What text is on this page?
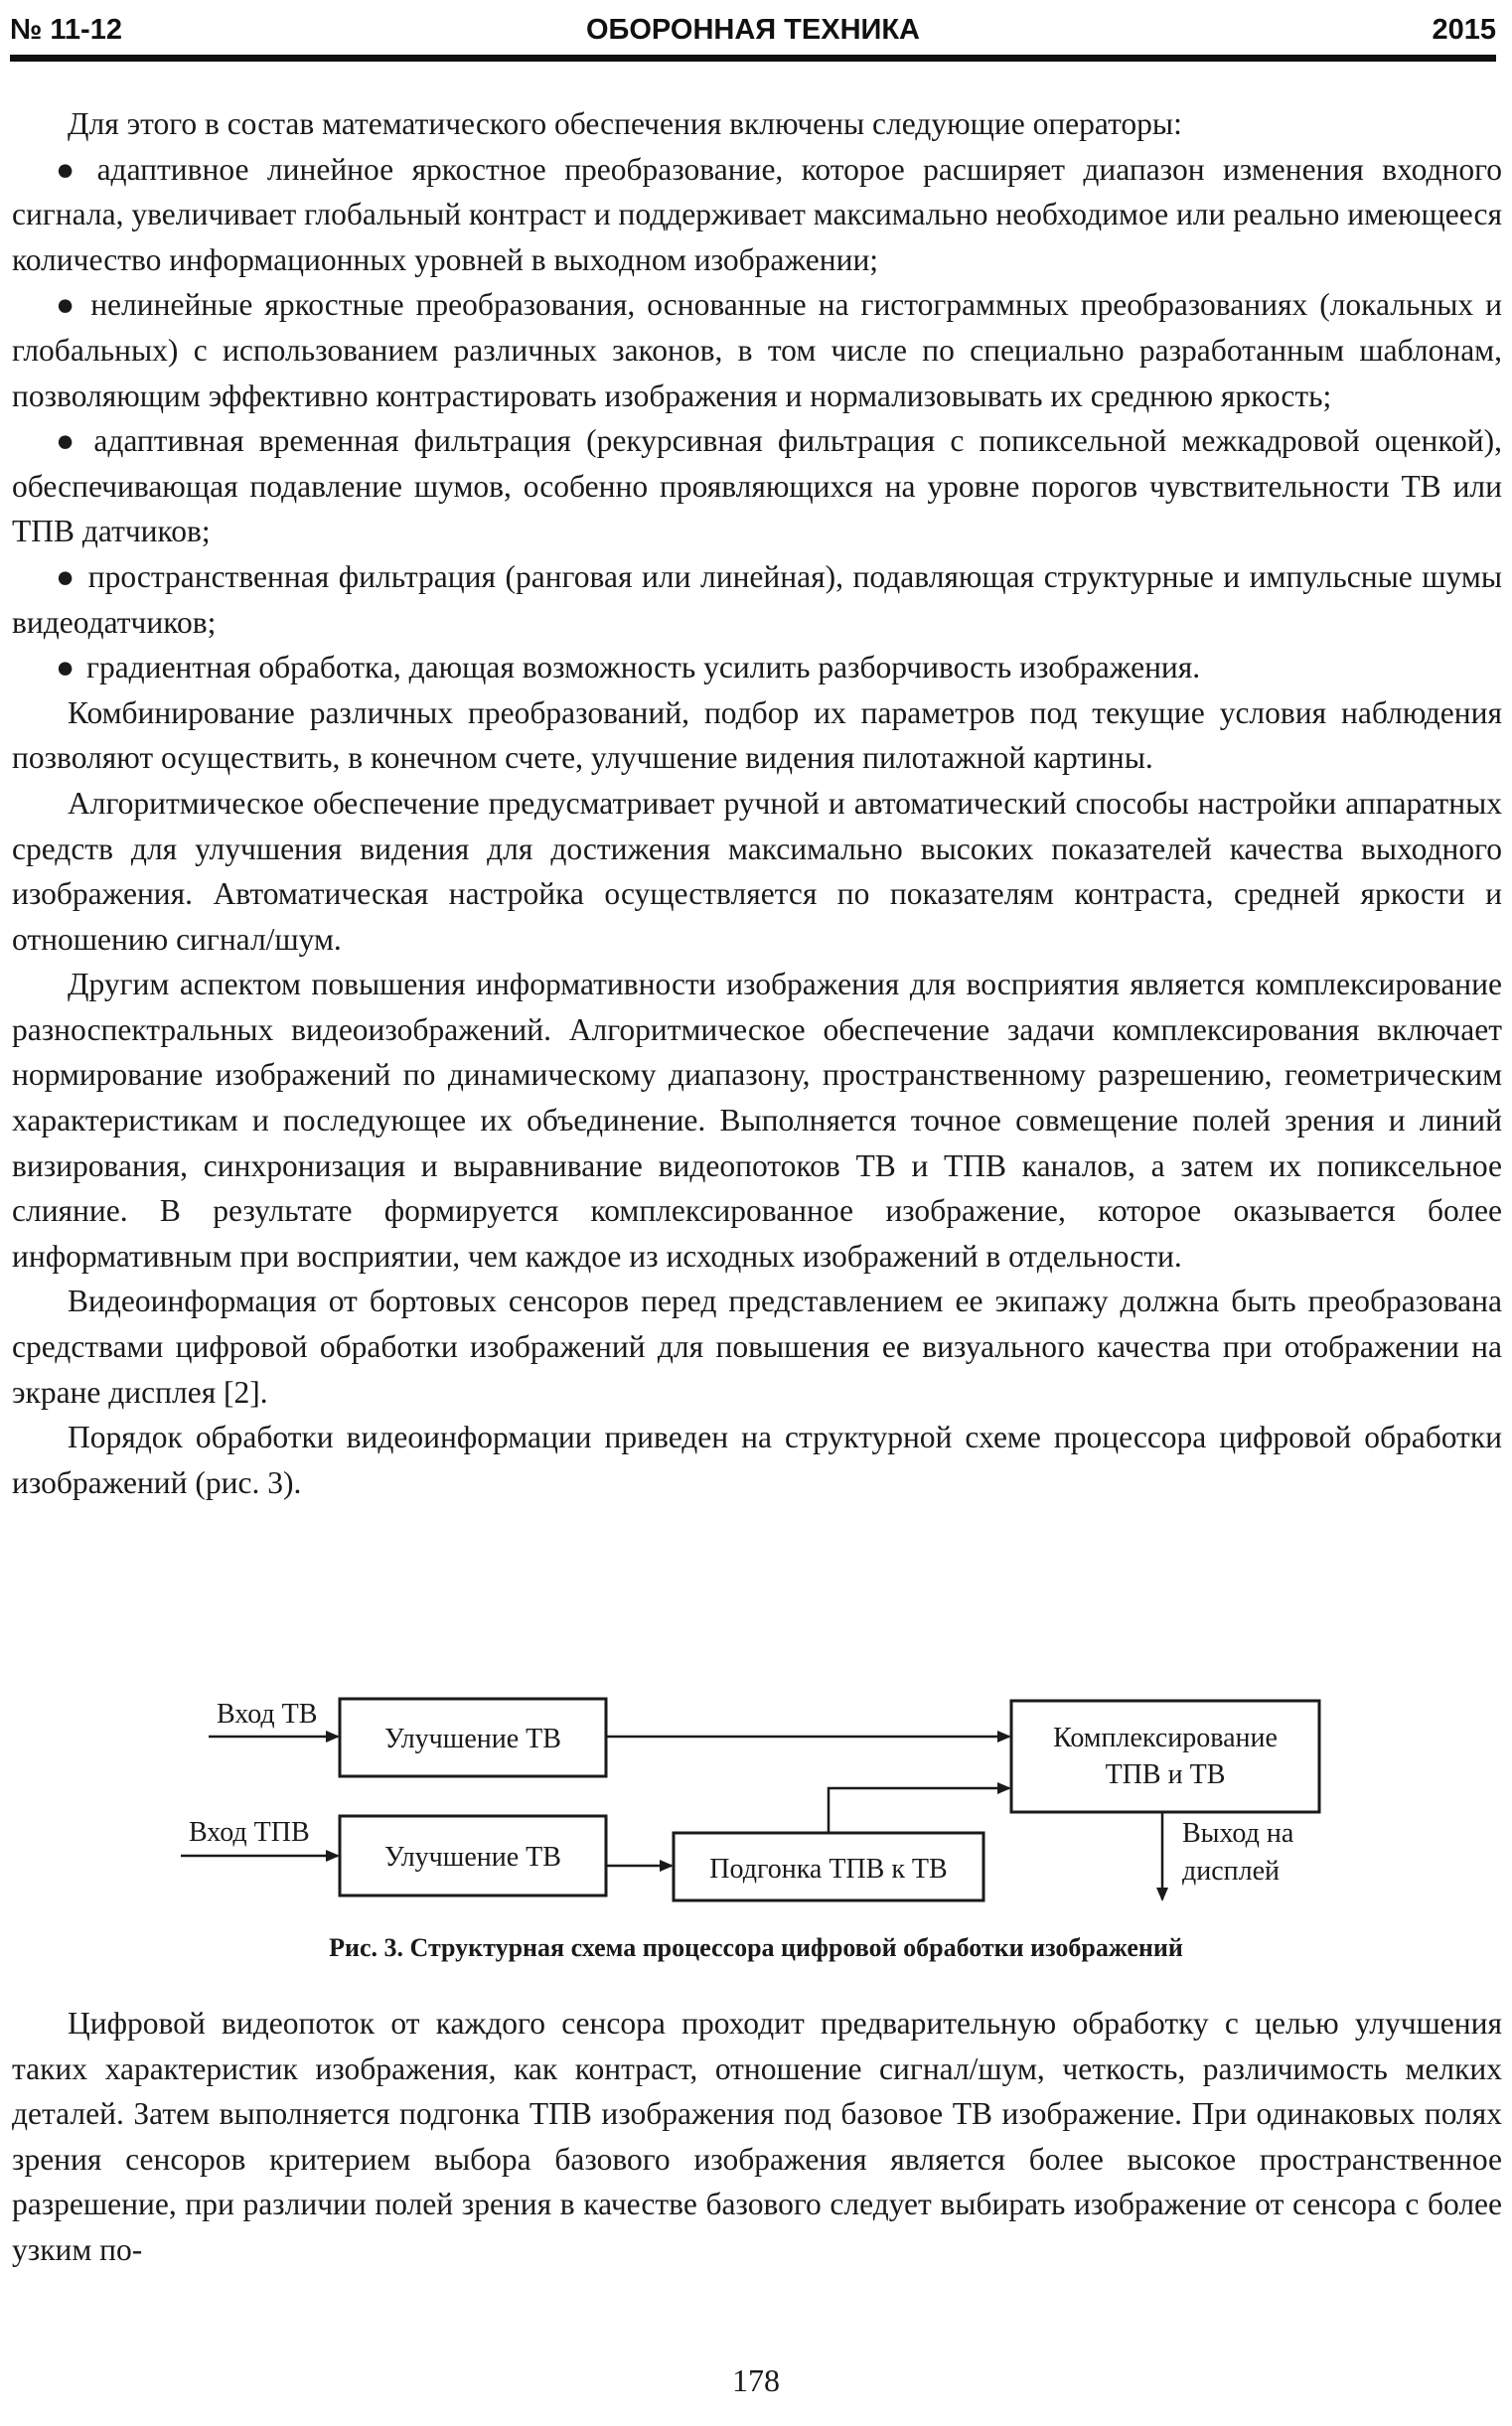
№ 11-12	ОБОРОННАЯ ТЕХНИКА	2015

Для этого в состав математического обеспечения включены следующие операторы:

● адаптивное линейное яркостное преобразование, которое расширяет диапазон изменения входного сигнала, увеличивает глобальный контраст и поддерживает максимально необходимое или реально имеющееся количество информационных уровней в выходном изображении;

● нелинейные яркостные преобразования, основанные на гистограммных преобразованиях (локальных и глобальных) с использованием различных законов, в том числе по специально разработанным шаблонам, позволяющим эффективно контрастировать изображения и нормализовывать их среднюю яркость;

● адаптивная временная фильтрация (рекурсивная фильтрация с попиксельной межкадровой оценкой), обеспечивающая подавление шумов, особенно проявляющихся на уровне порогов чувствительности ТВ или ТПВ датчиков;

● пространственная фильтрация (ранговая или линейная), подавляющая структурные и импульсные шумы видеодатчиков;

● градиентная обработка, дающая возможность усилить разборчивость изображения.

Комбинирование различных преобразований, подбор их параметров под текущие условия наблюдения позволяют осуществить, в конечном счете, улучшение видения пилотажной картины.

Алгоритмическое обеспечение предусматривает ручной и автоматический способы настройки аппаратных средств для улучшения видения для достижения максимально высоких показателей качества выходного изображения. Автоматическая настройка осуществляется по показателям контраста, средней яркости и отношению сигнал/шум.

Другим аспектом повышения информативности изображения для восприятия является комплексирование разноспектральных видеоизображений. Алгоритмическое обеспечение задачи комплексирования включает нормирование изображений по динамическому диапазону, пространственному разрешению, геометрическим характеристикам и последующее их объединение. Выполняется точное совмещение полей зрения и линий визирования, синхронизация и выравнивание видеопотоков ТВ и ТПВ каналов, а затем их попиксельное слияние. В результате формируется комплексированное изображение, которое оказывается более информативным при восприятии, чем каждое из исходных изображений в отдельности.

Видеоинформация от бортовых сенсоров перед представлением ее экипажу должна быть преобразована средствами цифровой обработки изображений для повышения ее визуального качества при отображении на экране дисплея [2].

Порядок обработки видеоинформации приведен на структурной схеме процессора цифровой обработки изображений (рис. 3).

Вход ТВ
Вход ТПВ
Улучшение ТВ
Улучшение ТВ	Подгонка ТПВ к ТВ
Комплексирование
ТПВ и ТВ
Выход на
дисплей
Рис. 3. Структурная схема процессора цифровой обработки изображений

Цифровой видеопоток от каждого сенсора проходит предварительную обработку с целью улучшения таких характеристик изображения, как контраст, отношение сигнал/шум, четкость, различимость мелких деталей. Затем выполняется подгонка ТПВ изображения под базовое ТВ изображение. При одинаковых полях зрения сенсоров критерием выбора базового изображения является более высокое пространственное разрешение, при различии полей зрения в качестве базового следует выбирать изображение от сенсора с более узким по-

178
